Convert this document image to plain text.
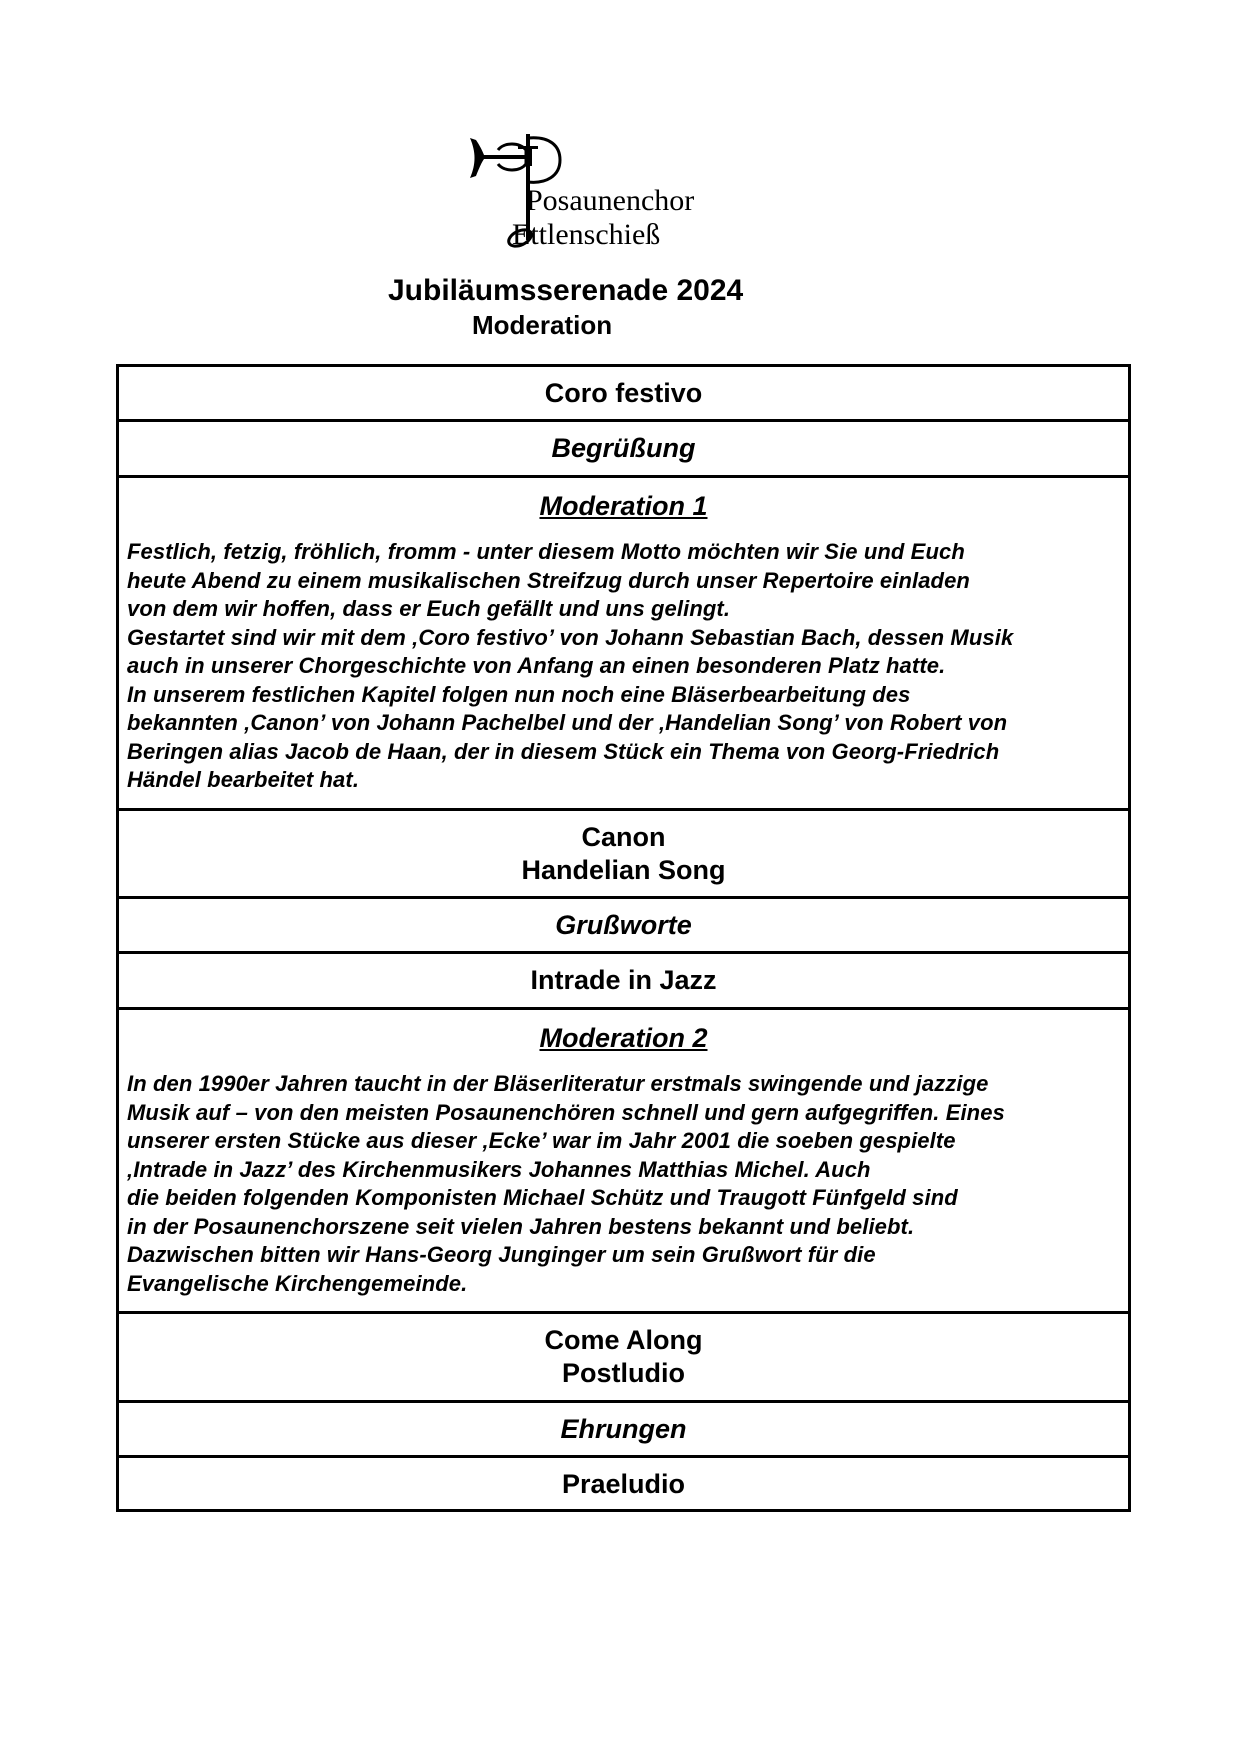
Posaunenchor
Ettlenschieß
Jubiläumsserenade 2024
Moderation
Coro festivo
Begrüßung
Moderation 1
Festlich, fetzig, fröhlich, fromm - unter diesem Motto möchten wir Sie und Euch
heute Abend zu einem musikalischen Streifzug durch unser Repertoire einladen
von dem wir hoffen, dass er Euch gefällt und uns gelingt.
Gestartet sind wir mit dem ‚Coro festivo’ von Johann Sebastian Bach, dessen Musik
auch in unserer Chorgeschichte von Anfang an einen besonderen Platz hatte.
In unserem festlichen Kapitel folgen nun noch eine Bläserbearbeitung des
bekannten ‚Canon’ von Johann Pachelbel und der ‚Handelian Song’ von Robert von
Beringen alias Jacob de Haan, der in diesem Stück ein Thema von Georg-Friedrich
Händel bearbeitet hat.
Canon
Handelian Song
Grußworte
Intrade in Jazz
Moderation 2
In den 1990er Jahren taucht in der Bläserliteratur erstmals swingende und jazzige
Musik auf – von den meisten Posaunenchören schnell und gern aufgegriffen. Eines
unserer ersten Stücke aus dieser ‚Ecke’ war im Jahr 2001 die soeben gespielte
‚Intrade in Jazz’ des Kirchenmusikers Johannes Matthias Michel. Auch
die beiden folgenden Komponisten Michael Schütz und Traugott Fünfgeld sind
in der Posaunenchorszene seit vielen Jahren bestens bekannt und beliebt.
Dazwischen bitten wir Hans-Georg Junginger um sein Grußwort für die
Evangelische Kirchengemeinde.
Come Along
Postludio
Ehrungen
Praeludio
